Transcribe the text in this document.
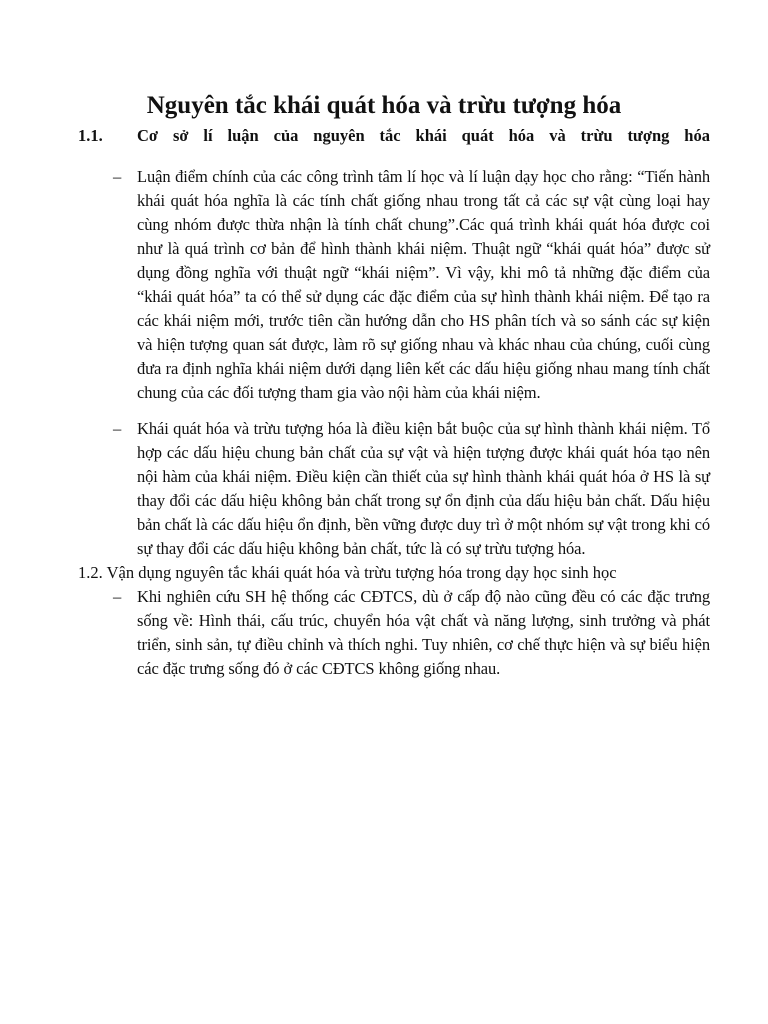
Nguyên tắc khái quát hóa và trừu tượng hóa
1.1. Cơ sở lí luận của nguyên tắc khái quát hóa và trừu tượng hóa
– Luận điểm chính của các công trình tâm lí học và lí luận dạy học cho rằng: “Tiến hành khái quát hóa nghĩa là các tính chất giống nhau trong tất cả các sự vật cùng loại hay cùng nhóm được thừa nhận là tính chất chung”.Các quá trình khái quát hóa được coi như là quá trình cơ bản để hình thành khái niệm. Thuật ngữ “khái quát hóa” được sử dụng đồng nghĩa với thuật ngữ “khái niệm”. Vì vậy, khi mô tả những đặc điểm của “khái quát hóa” ta có thể sử dụng các đặc điểm của sự hình thành khái niệm. Để tạo ra các khái niệm mới, trước tiên cần hướng dẫn cho HS phân tích và so sánh các sự kiện và hiện tượng quan sát được, làm rõ sự giống nhau và khác nhau của chúng, cuối cùng đưa ra định nghĩa khái niệm dưới dạng liên kết các dấu hiệu giống nhau mang tính chất chung của các đối tượng tham gia vào nội hàm của khái niệm.
– Khái quát hóa và trừu tượng hóa là điều kiện bắt buộc của sự hình thành khái niệm. Tổ hợp các dấu hiệu chung bản chất của sự vật và hiện tượng được khái quát hóa tạo nên nội hàm của khái niệm. Điều kiện cần thiết của sự hình thành khái quát hóa ở HS là sự thay đổi các dấu hiệu không bản chất trong sự ổn định của dấu hiệu bản chất. Dấu hiệu bản chất là các dấu hiệu ổn định, bền vững được duy trì ở một nhóm sự vật trong khi có sự thay đổi các dấu hiệu không bản chất, tức là có sự trừu tượng hóa.
1.2. Vận dụng nguyên tắc khái quát hóa và trừu tượng hóa trong dạy học sinh học
– Khi nghiên cứu SH hệ thống các CĐTCS, dù ở cấp độ nào cũng đều có các đặc trưng sống về: Hình thái, cấu trúc, chuyển hóa vật chất và năng lượng, sinh trưởng và phát triển, sinh sản, tự điều chỉnh và thích nghi. Tuy nhiên, cơ chế thực hiện và sự biểu hiện các đặc trưng sống đó ở các CĐTCS không giống nhau.
